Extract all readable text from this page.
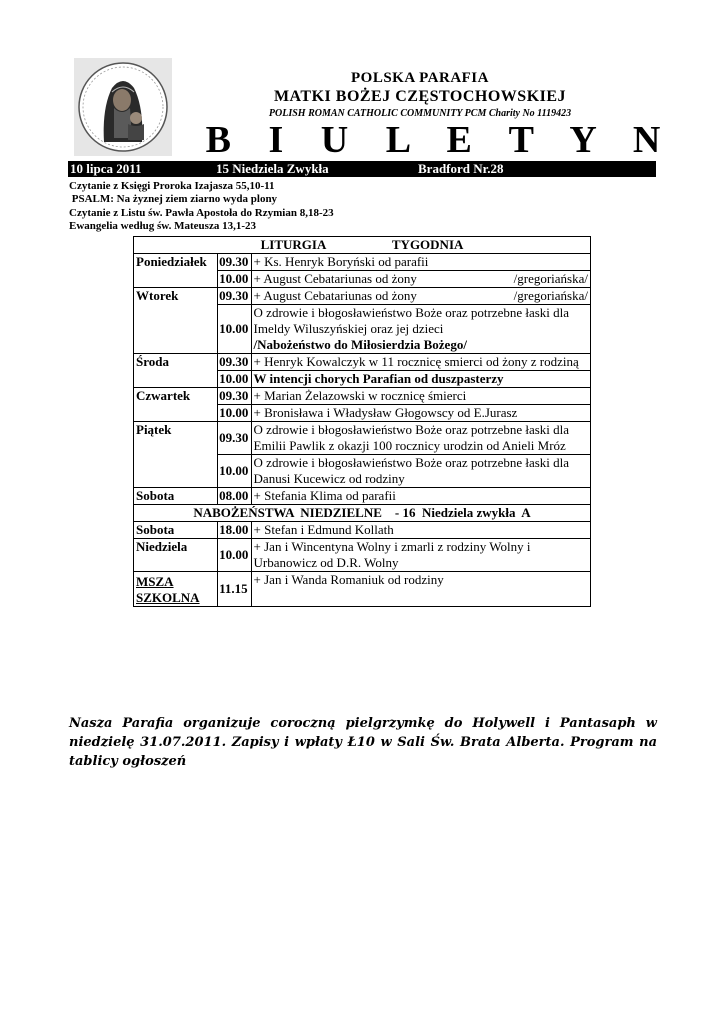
POLSKA PARAFIA
MATKI BOŻEJ CZĘSTOCHOWSKIEJ
POLISH ROMAN CATHOLIC COMMUNITY PCM Charity No 1119423
B I U L E T Y N
10 lipca 2011	15 Niedziela Zwykła	Bradford Nr.28
Czytanie z Księgi Proroka Izajasza 55,10-11
PSALM: Na żyznej ziem ziarno wyda plony
Czytanie z Listu św. Pawła Apostoła do Rzymian 8,18-23
Ewangelia według św. Mateusza 13,1-23
LITURGIA TYGODNIA		
Poniedziałek	09.30	+ Ks. Henryk Boryński od parafii
	10.00	+ August Cebatariunas od żony /gregoriańska/

Wtorek	09.30	+ August Cebatariunas od żony /gregoriańska/

	10.00	O zdrowie i błogosławieństwo Boże oraz potrzebne łaski dla Imeldy Wiluszyńskiej oraz jej dzieci
/Nabożeństwo do Miłosierdzia Bożego/

Środa	09.30	+ Henryk Kowalczyk w 11 rocznicę smierci od żony z rodziną
	10.00	W intencji chorych Parafian od duszpasterzy
Czwartek	09.30	+ Marian Żelazowski w rocznicę śmierci
	10.00	+ Bronisława i Władysław Głogowscy od E.Jurasz
Piątek	09.30	O zdrowie i błogosławieństwo Boże oraz potrzebne łaski dla Emilii Pawlik z okazji 100 rocznicy urodzin od Anieli Mróz
	10.00	O zdrowie i błogosławieństwo Boże oraz potrzebne łaski dla Danusi Kucewicz od rodziny
Sobota	08.00	+ Stefania Klima od parafii
NABOŻEŃSTWA  NIEDZIELNE    - 16  Niedziela zwykła  A		
Sobota	18.00	+ Stefan i Edmund Kollath
Niedziela	10.00	+ Jan i Wincentyna Wolny i zmarli z rodziny Wolny i Urbanowicz od D.R. Wolny
MSZA SZKOLNA	11.15	+ Jan i Wanda Romaniuk od rodziny
Nasza Parafia organizuje coroczną pielgrzymkę do Holywell i Pantasaph w niedzielę 31.07.2011. Zapisy i wpłaty Ł10 w Sali Św. Brata Alberta. Program na tablicy ogłoszeń
